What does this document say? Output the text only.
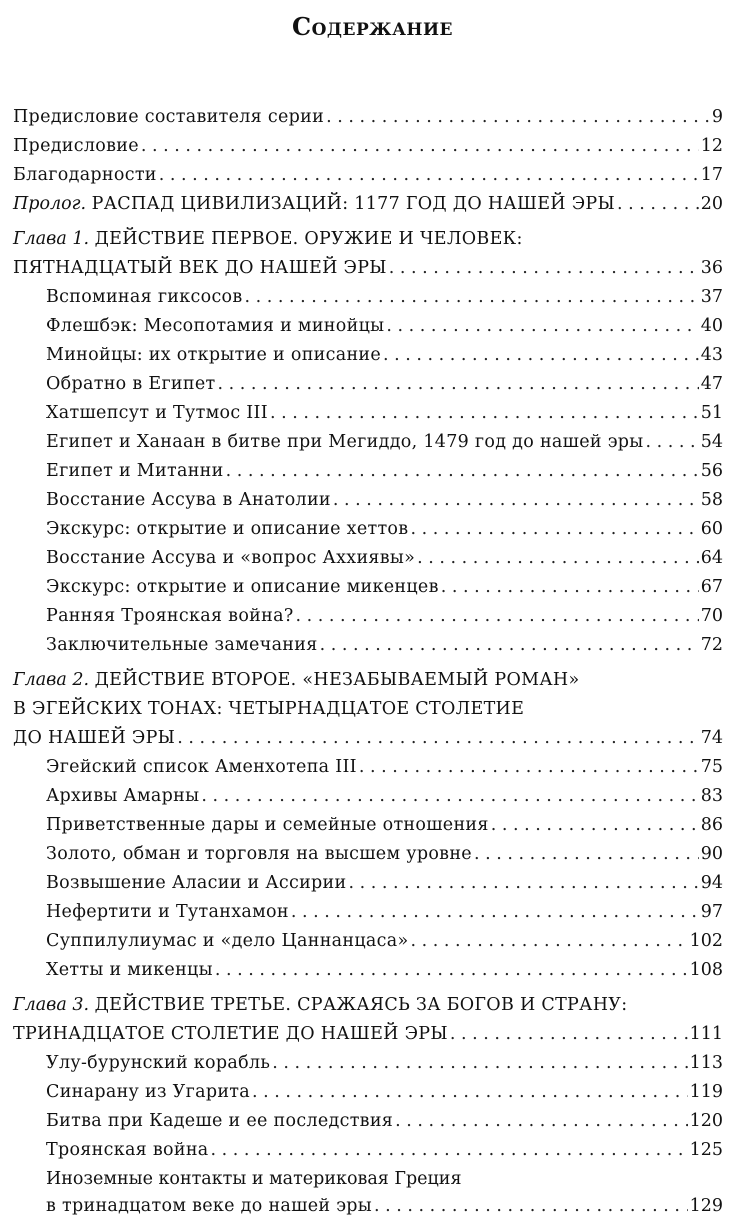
Содержание
Предисловие составителя серии . . .	9
Предисловие . . .	12
Благодарности . . .	17
Пролог. РАСПАД ЦИВИЛИЗАЦИЙ: 1177 ГОД ДО НАШЕЙ ЭРЫ . . .	20
Глава 1. ДЕЙСТВИЕ ПЕРВОЕ. ОРУЖИЕ И ЧЕЛОВЕК:
ПЯТНАДЦАТЫЙ ВЕК ДО НАШЕЙ ЭРЫ . . .	36
Вспоминая гиксосов . . .	37
Флешбэк: Месопотамия и минойцы . . .	40
Минойцы: их открытие и описание . . .	43
Обратно в Египет . . .	47
Хатшепсут и Тутмос III . . .	51
Египет и Ханаан в битве при Мегиддо, 1479 год до нашей эры . . .	54
Египет и Митанни . . .	56
Восстание Ассува в Анатолии . . .	58
Экскурс: открытие и описание хеттов . . .	60
Восстание Ассува и «вопрос Аххиявы» . . .	64
Экскурс: открытие и описание микенцев . . .	67
Ранняя Троянская война? . . .	70
Заключительные замечания . . .	72
Глава 2. ДЕЙСТВИЕ ВТОРОЕ. «НЕЗАБЫВАЕМЫЙ РОМАН»
В ЭГЕЙСКИХ ТОНАХ: ЧЕТЫРНАДЦАТОЕ СТОЛЕТИЕ
ДО НАШЕЙ ЭРЫ . . .	74
Эгейский список Аменхотепа III . . .	75
Архивы Амарны . . .	83
Приветственные дары и семейные отношения . . .	86
Золото, обман и торговля на высшем уровне . . .	90
Возвышение Аласии и Ассирии . . .	94
Нефертити и Тутанхамон . . .	97
Суппилулиумас и «дело Цаннанцаса» . . .	102
Хетты и микенцы . . .	108
Глава 3. ДЕЙСТВИЕ ТРЕТЬЕ. СРАЖАЯСЬ ЗА БОГОВ И СТРАНУ:
ТРИНАДЦАТОЕ СТОЛЕТИЕ ДО НАШЕЙ ЭРЫ . . .	111
Улу-бурунский корабль . . .	113
Синарану из Угарита . . .	119
Битва при Кадеше и ее последствия . . .	120
Троянская война . . .	125
Иноземные контакты и материковая Греция
в тринадцатом веке до нашей эры . . .	129
